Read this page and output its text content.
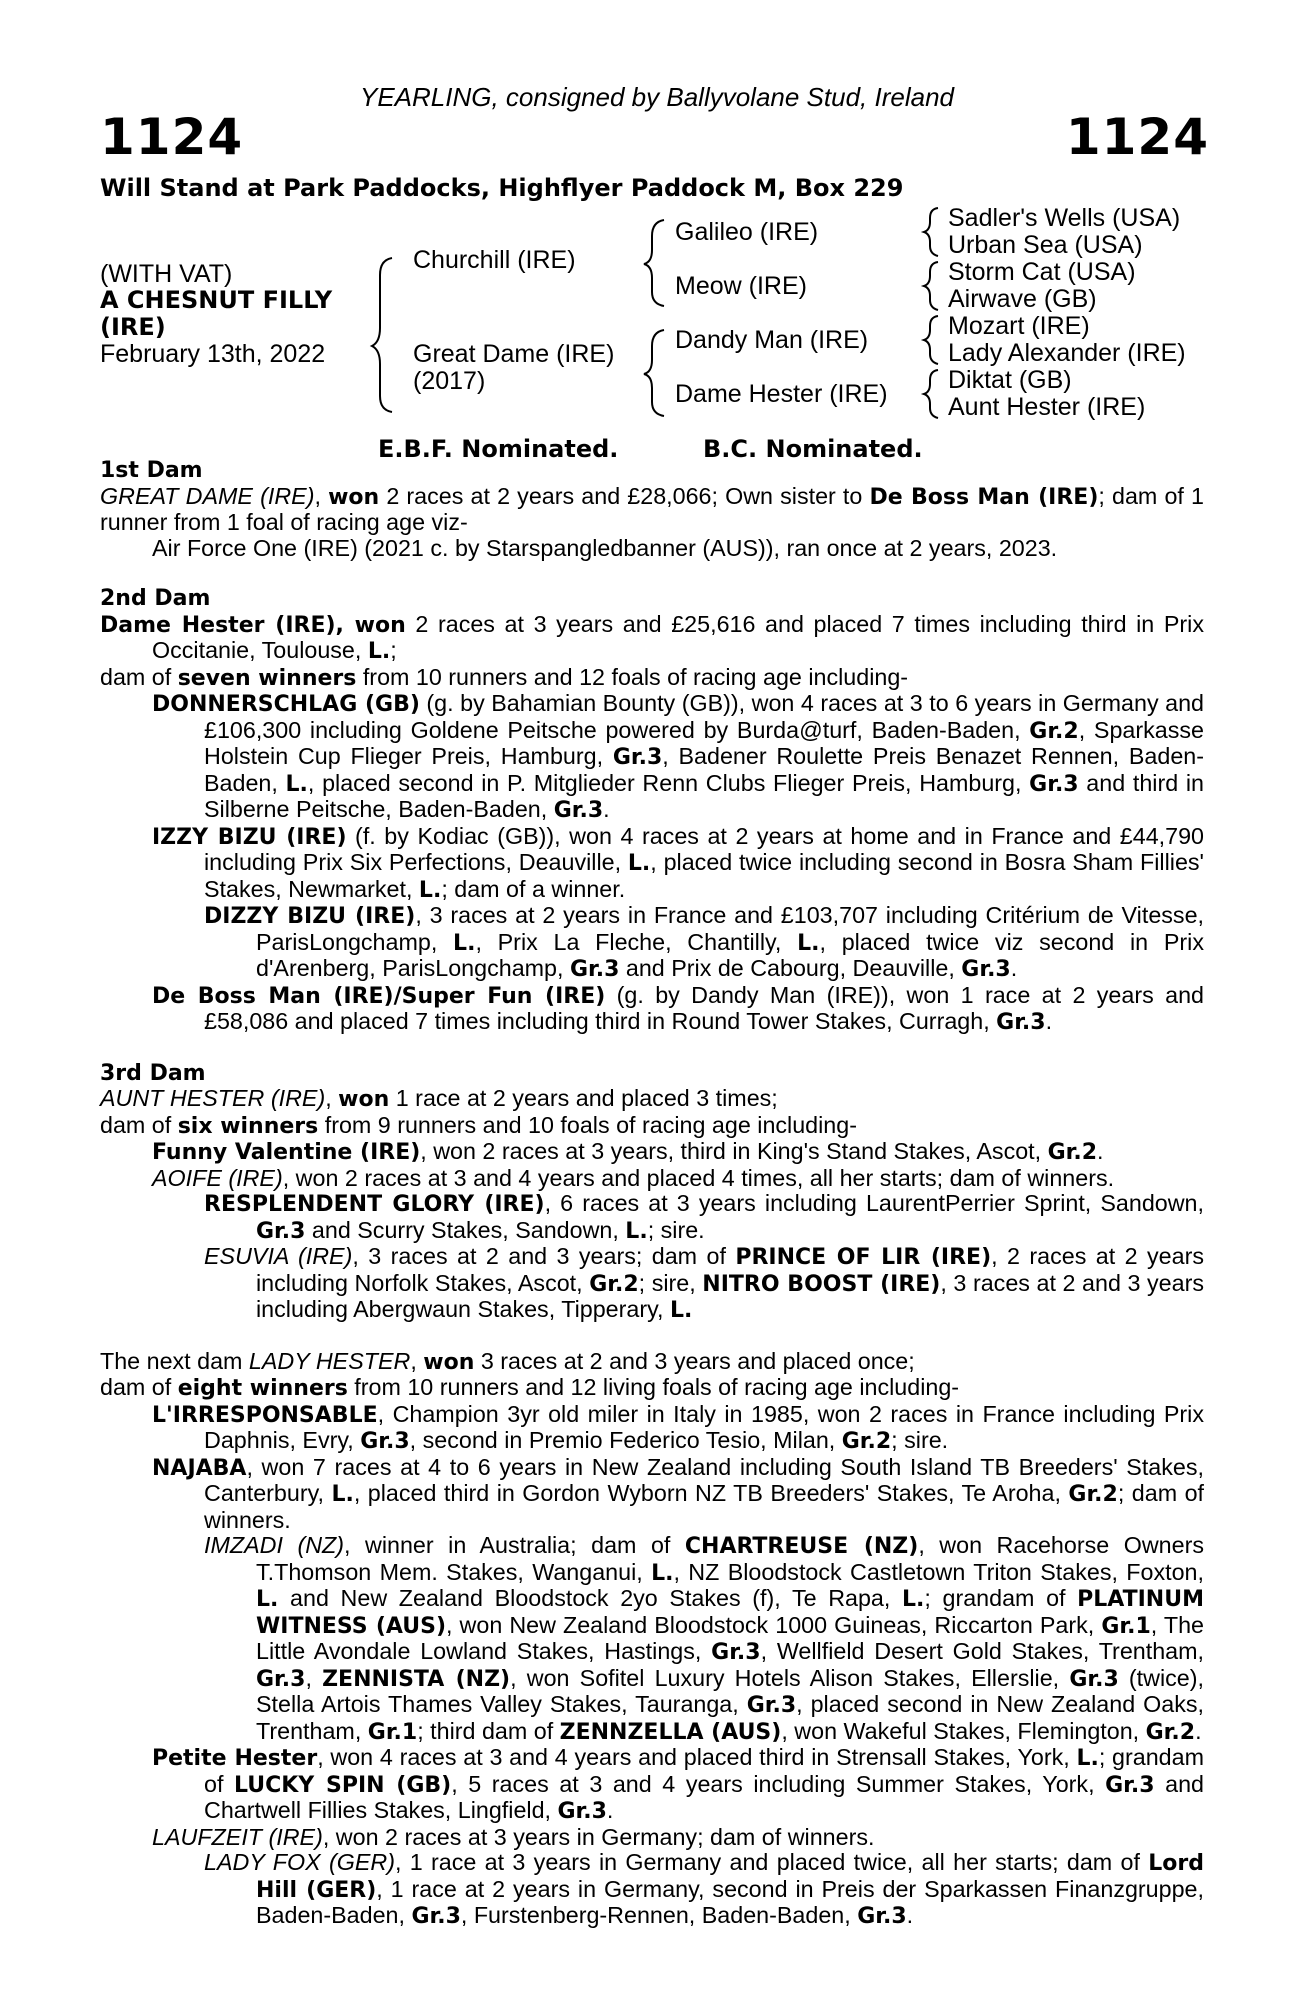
YEARLING, consigned by Ballyvolane Stud, Ireland
1124	1124
Will Stand at Park Paddocks, Highflyer Paddock M, Box 229
(WITH VAT)
A CHESNUT FILLY
(IRE)
February 13th, 2022
Churchill (IRE)
Great Dame (IRE)
(2017)
Galileo (IRE)
Meow (IRE)
Dandy Man (IRE)
Dame Hester (IRE)
Sadler's Wells (USA)
Urban Sea (USA)
Storm Cat (USA)
Airwave (GB)
Mozart (IRE)
Lady Alexander (IRE)
Diktat (GB)
Aunt Hester (IRE)
E.B.F. Nominated.	B.C. Nominated.

1st Dam

GREAT DAME (IRE), won 2 races at 2 years and £28,066; Own sister to De Boss Man (IRE); dam of 1 runner from 1 foal of racing age viz-

Air Force One (IRE) (2021 c. by Starspangledbanner (AUS)), ran once at 2 years, 2023.

2nd Dam

Dame Hester (IRE), won 2 races at 3 years and £25,616 and placed 7 times including third in Prix Occitanie, Toulouse, L.;

dam of seven winners from 10 runners and 12 foals of racing age including-

DONNERSCHLAG (GB) (g. by Bahamian Bounty (GB)), won 4 races at 3 to 6 years in Germany and £106,300 including Goldene Peitsche powered by Burda@turf, Baden-Baden, Gr.2, Sparkasse Holstein Cup Flieger Preis, Hamburg, Gr.3, Badener Roulette Preis Benazet Rennen, Baden-Baden, L., placed second in P. Mitglieder Renn Clubs Flieger Preis, Hamburg, Gr.3 and third in Silberne Peitsche, Baden-Baden, Gr.3.

IZZY BIZU (IRE) (f. by Kodiac (GB)), won 4 races at 2 years at home and in France and £44,790 including Prix Six Perfections, Deauville, L., placed twice including second in Bosra Sham Fillies' Stakes, Newmarket, L.; dam of a winner.

DIZZY BIZU (IRE), 3 races at 2 years in France and £103,707 including Critérium de Vitesse, ParisLongchamp, L., Prix La Fleche, Chantilly, L., placed twice viz second in Prix d'Arenberg, ParisLongchamp, Gr.3 and Prix de Cabourg, Deauville, Gr.3.

De Boss Man (IRE)/Super Fun (IRE) (g. by Dandy Man (IRE)), won 1 race at 2 years and £58,086 and placed 7 times including third in Round Tower Stakes, Curragh, Gr.3.

3rd Dam

AUNT HESTER (IRE), won 1 race at 2 years and placed 3 times;

dam of six winners from 9 runners and 10 foals of racing age including-

Funny Valentine (IRE), won 2 races at 3 years, third in King's Stand Stakes, Ascot, Gr.2.

AOIFE (IRE), won 2 races at 3 and 4 years and placed 4 times, all her starts; dam of winners.

RESPLENDENT GLORY (IRE), 6 races at 3 years including LaurentPerrier Sprint, Sandown, Gr.3 and Scurry Stakes, Sandown, L.; sire.

ESUVIA (IRE), 3 races at 2 and 3 years; dam of PRINCE OF LIR (IRE), 2 races at 2 years including Norfolk Stakes, Ascot, Gr.2; sire, NITRO BOOST (IRE), 3 races at 2 and 3 years including Abergwaun Stakes, Tipperary, L.

The next dam LADY HESTER, won 3 races at 2 and 3 years and placed once;

dam of eight winners from 10 runners and 12 living foals of racing age including-

L'IRRESPONSABLE, Champion 3yr old miler in Italy in 1985, won 2 races in France including Prix Daphnis, Evry, Gr.3, second in Premio Federico Tesio, Milan, Gr.2; sire.

NAJABA, won 7 races at 4 to 6 years in New Zealand including South Island TB Breeders' Stakes, Canterbury, L., placed third in Gordon Wyborn NZ TB Breeders' Stakes, Te Aroha, Gr.2; dam of winners.

IMZADI (NZ), winner in Australia; dam of CHARTREUSE (NZ), won Racehorse Owners T.Thomson Mem. Stakes, Wanganui, L., NZ Bloodstock Castletown Triton Stakes, Foxton, L. and New Zealand Bloodstock 2yo Stakes (f), Te Rapa, L.; grandam of PLATINUM WITNESS (AUS), won New Zealand Bloodstock 1000 Guineas, Riccarton Park, Gr.1, The Little Avondale Lowland Stakes, Hastings, Gr.3, Wellfield Desert Gold Stakes, Trentham, Gr.3, ZENNISTA (NZ), won Sofitel Luxury Hotels Alison Stakes, Ellerslie, Gr.3 (twice), Stella Artois Thames Valley Stakes, Tauranga, Gr.3, placed second in New Zealand Oaks, Trentham, Gr.1; third dam of ZENNZELLA (AUS), won Wakeful Stakes, Flemington, Gr.2.

Petite Hester, won 4 races at 3 and 4 years and placed third in Strensall Stakes, York, L.; grandam of LUCKY SPIN (GB), 5 races at 3 and 4 years including Summer Stakes, York, Gr.3 and Chartwell Fillies Stakes, Lingfield, Gr.3.

LAUFZEIT (IRE), won 2 races at 3 years in Germany; dam of winners.

LADY FOX (GER), 1 race at 3 years in Germany and placed twice, all her starts; dam of Lord Hill (GER), 1 race at 2 years in Germany, second in Preis der Sparkassen Finanzgruppe, Baden-Baden, Gr.3, Furstenberg-Rennen, Baden-Baden, Gr.3.
